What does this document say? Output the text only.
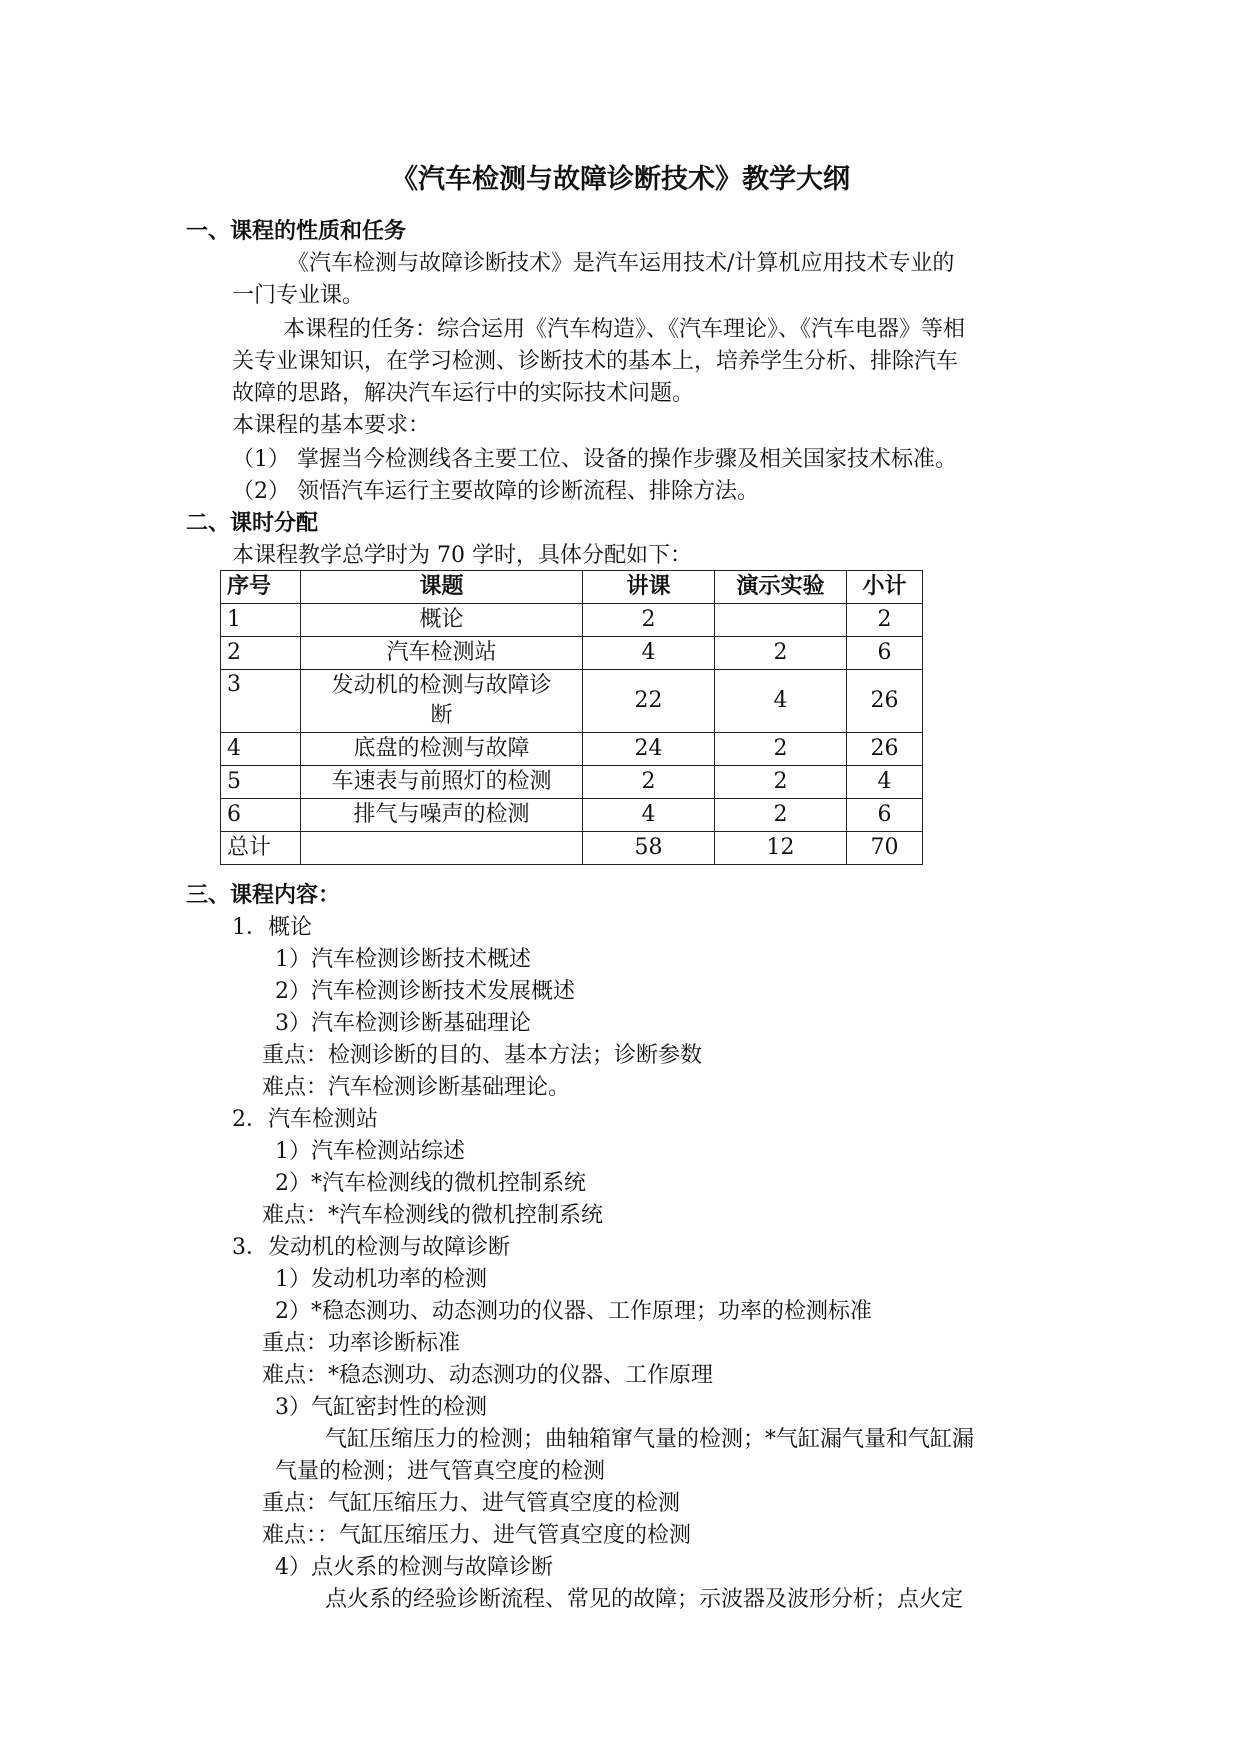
《汽车检测与故障诊断技术》教学大纲
一、课程的性质和任务
《汽车检测与故障诊断技术》是汽车运用技术/计算机应用技术专业的
一门专业课。
本课程的任务：综合运用《汽车构造》、《汽车理论》、《汽车电器》等相
关专业课知识，在学习检测、诊断技术的基本上，培养学生分析、排除汽车
故障的思路，解决汽车运行中的实际技术问题。
本课程的基本要求：
（1） 掌握当今检测线各主要工位、设备的操作步骤及相关国家技术标准。
（2） 领悟汽车运行主要故障的诊断流程、排除方法。
二、课时分配
本课程教学总学时为 70 学时，具体分配如下：
序号	课题	讲课	演示实验	小计
1	概论	2		2
2	汽车检测站	4	2	6
3	发动机的检测与故障诊断	22	4	26
4	底盘的检测与故障	24	2	26
5	车速表与前照灯的检测	2	2	4
6	排气与噪声的检测	4	2	6
总计		58	12	70
三、课程内容：
1．概论
1）汽车检测诊断技术概述
2）汽车检测诊断技术发展概述
3）汽车检测诊断基础理论
重点：检测诊断的目的、基本方法；诊断参数
难点：汽车检测诊断基础理论。
2．汽车检测站
1）汽车检测站综述
2）*汽车检测线的微机控制系统
难点：*汽车检测线的微机控制系统
3．发动机的检测与故障诊断
1）发动机功率的检测
2）*稳态测功、动态测功的仪器、工作原理；功率的检测标准
重点：功率诊断标准
难点：*稳态测功、动态测功的仪器、工作原理
3）气缸密封性的检测
气缸压缩压力的检测；曲轴箱窜气量的检测；*气缸漏气量和气缸漏
气量的检测；进气管真空度的检测
重点：气缸压缩压力、进气管真空度的检测
难点：：气缸压缩压力、进气管真空度的检测
4）点火系的检测与故障诊断
点火系的经验诊断流程、常见的故障；示波器及波形分析；点火定
